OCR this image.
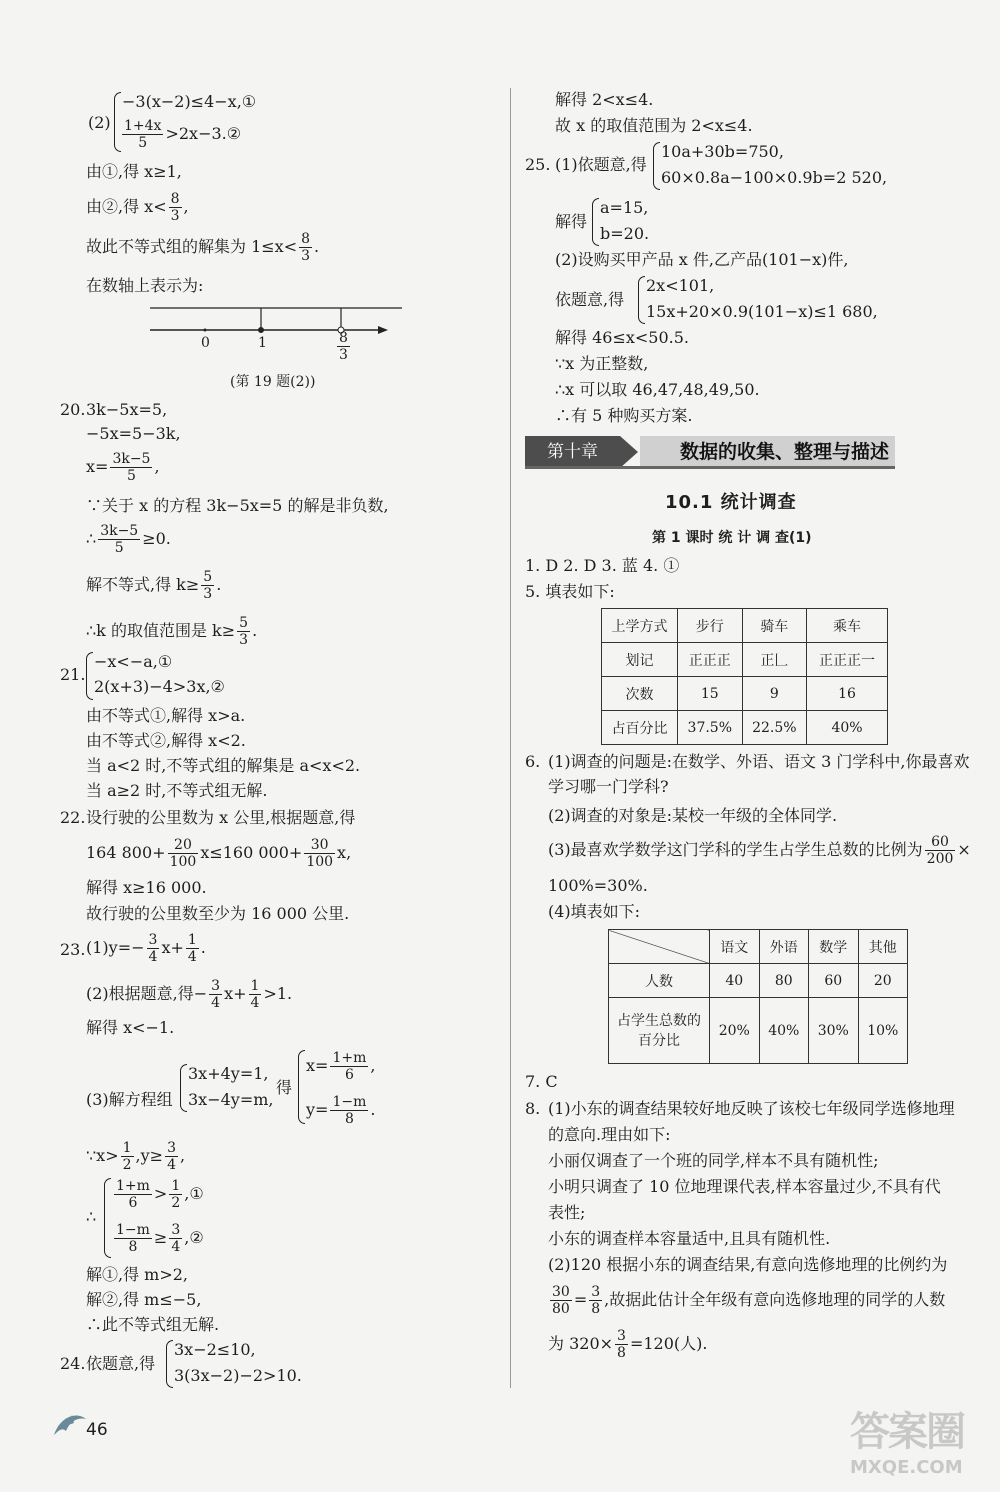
(2)
−3(x−2)≤4−x,①
$\frac{1+4x}{5}$ >2x−3.②
由①,得 x≥1,
由②,得 $x< \frac{8}{3}$ ,
故此不等式组的解集为 $1\le x< \frac{8}{3}$ .
在数轴上表示为:
0	1	$\frac{8}{3}$
(第 19 题(2))
20. 3k−5x=5,
−5x=5−3k,
$x= \frac{3k-5}{5}$ ,
∵关于 x 的方程 3k−5x=5 的解是非负数,
∴ $\frac{3k-5}{5} \ge 0$.
解不等式,得 $k\ge \frac{5}{3}$ .
∴k 的取值范围是 $k\ge \frac{5}{3}$ .
21.
−x<−a,①
2(x+3)−4>3x,②
由不等式①,解得 x>a.
由不等式②,解得 x<2.
当 a<2 时,不等式组的解集是 a<x<2.
当 a≥2 时,不等式组无解.
22. 设行驶的公里数为 x 公里,根据题意,得
164 $800+ \frac{20}{100} x\le 160$ $000+ \frac{30}{100} x$,
解得 x≥16 000.
故行驶的公里数至少为 16 000 公里.
23. $(1)y=- \frac{3}{4} x+ \frac{1}{4}$ .
(2)根据题意,得− $\frac{3}{4} x+ \frac{1}{4} >1$.
解得 x<−1.
(3)解方程组
3x+4y=1,
3x−4y=m,
得
$x= \frac{1+m}{6}$ ,
$y= \frac{1-m}{8}$ .
∵x> $\frac{1}{2} ,y\ge \frac{3}{4}$ ,
∴
$\frac{1+m}{6} > \frac{1}{2}$ ,①
$\frac{1-m}{8} \ge \frac{3}{4}$ ,②
解①,得 m>2,
解②,得 m≤−5,
∴此不等式组无解.
24. 依题意,得
3x−2≤10,
3(3x−2)−2>10.
解得 2<x≤4.
故 x 的取值范围为 2<x≤4.
25. (1)依题意,得
10a+30b=750,
60×0.8a−100×0.9b=2 520,
解得
a=15,
b=20.
(2)设购买甲产品 x 件,乙产品(101−x)件,
依题意,得
2x<101,
15x+20×0.9(101−x)≤1 680,
解得 46≤x<50.5.
∵x 为正整数,
∴x 可以取 46,47,48,49,50.
∴有 5 种购买方案.
第十章	数据的收集、整理与描述
10.1 统计调查
第 1 课时 统 计 调 查(1)
1. D 2. D 3. 蓝 4. ①
5. 填表如下:
上学方式	步行	骑车	乘车
划记	正正正	正𠃊	正正正一
次数	15	9	16
占百分比	37.5%	22.5%	40%
6. (1)调查的问题是:在数学、外语、语文 3 门学科中,你最喜欢
学习哪一门学科?
(2)调查的对象是:某校一年级的全体同学.
(3)最喜欢学数学这门学科的学生占学生总数的比例为 $\frac{60}{200}$ ×
100%=30%.
(4)填表如下:
	语文	外语	数学	其他
人数	40	80	60	20
占学生总数的百分比	20%	40%	30%	10%
7. C
8. (1)小东的调查结果较好地反映了该校七年级同学选修地理
的意向.理由如下:
小丽仅调查了一个班的同学,样本不具有随机性;
小明只调查了 10 位地理课代表,样本容量过少,不具有代
表性;
小东的调查样本容量适中,且具有随机性.
(2)120 根据小东的调查结果,有意向选修地理的比例约为
$\frac{30}{80} = \frac{3}{8}$ ,故据此估计全年级有意向选修地理的同学的人数
为 $320\times \frac{3}{8} =120$(人).
46	答案圈
MXQE.COM
